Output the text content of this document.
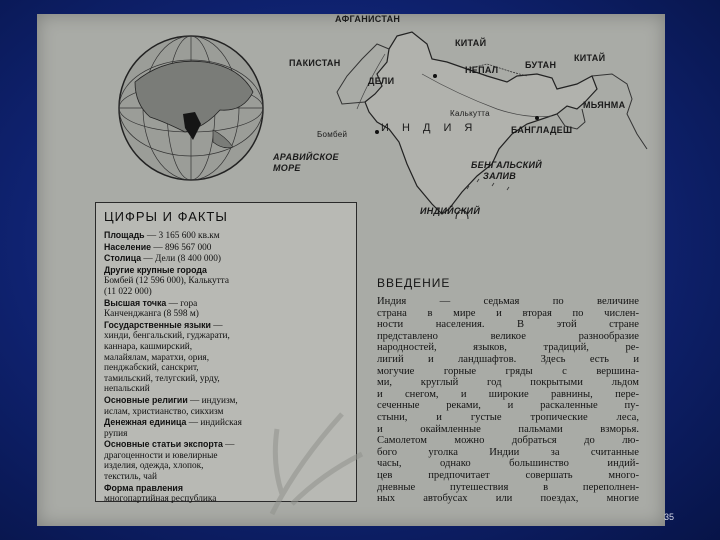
АФГАНИСТАН
ПАКИСТАН
КИТАЙ
КИТАЙ
НЕПАЛ	БУТАН
МЬЯНМА
БАНГЛАДЕШ
И Н Д И Я
ДЕЛИ
Калькутта
Бомбей
АРАВИЙСКОЕ
МОРЕ	БЕНГАЛЬСКИЙ
ЗАЛИВ
ИНДИЙСКИЙ
ЦИФРЫ И ФАКТЫ
Площадь — 3 165 600 кв.км
Население — 896 567 000
Столица — Дели (8 400 000)
Другие крупные города
Бомбей (12 596 000), Калькутта
(11 022 000)
Высшая точка — гора
Канченджанга (8 598 м)
Государственные языки —
хинди, бенгальский, гуджарати,
каннара, кашмирский,
малайялам, маратхи, ория,
пенджабский, санскрит,
тамильский, телугский, урду,
непальский
Основные религии — индуизм,
ислам, христианство, сикхизм
Денежная единица — индийская
рупия
Основные статьи экспорта —
драгоценности и ювелирные
изделия, одежда, хлопок,
текстиль, чай
Форма правления
многопартийная республика
ВВЕДЕНИЕ
Индия — седьмая по величине
страна в мире и вторая по числен-
ности населения. В этой стране
представлено великое разнообразие
народностей, языков, традиций, ре-
лигий и ландшафтов. Здесь есть и
могучие горные гряды с вершина-
ми, круглый год покрытыми льдом
и снегом, и широкие равнины, пере-
сеченные реками, и раскаленные пу-
стыни, и густые тропические леса,
и окаймленные пальмами взморья.
Самолетом можно добраться до лю-
бого уголка Индии за считанные
часы, однако большинство индий-
цев предпочитает совершать много-
дневные путешествия в переполнен-
ных автобусах или поездах, многие
35
